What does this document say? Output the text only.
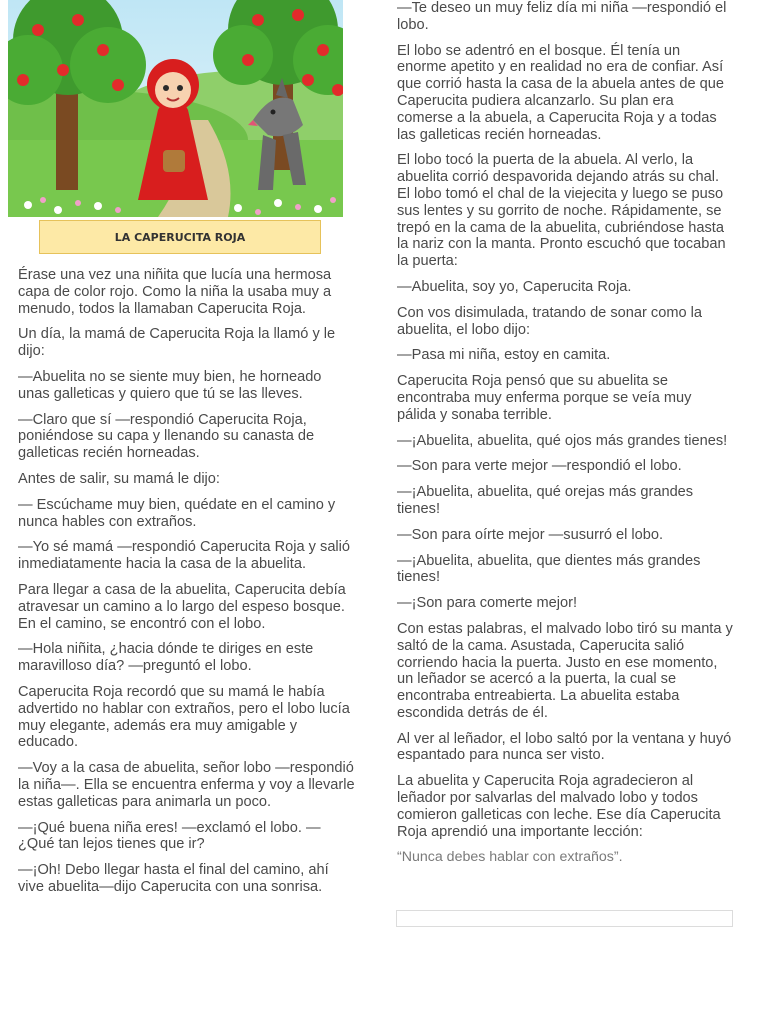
LA CAPERUCITA ROJA

Érase una vez una niñita que lucía una hermosa capa de color rojo. Como la niña la usaba muy a menudo, todos la llamaban Caperucita Roja.

Un día, la mamá de Caperucita Roja la llamó y le dijo:

—Abuelita no se siente muy bien, he horneado unas galleticas y quiero que tú se las lleves.

—Claro que sí —respondió Caperucita Roja, poniéndose su capa y llenando su canasta de galleticas recién horneadas.

Antes de salir, su mamá le dijo:

— Escúchame muy bien, quédate en el camino y nunca hables con extraños.

—Yo sé mamá —respondió Caperucita Roja y salió inmediatamente hacia la casa de la abuelita.

Para llegar a casa de la abuelita, Caperucita debía atravesar un camino a lo largo del espeso bosque. En el camino, se encontró con el lobo.

—Hola niñita, ¿hacia dónde te diriges en este maravilloso día? —preguntó el lobo.

Caperucita Roja recordó que su mamá le había advertido no hablar con extraños, pero el lobo lucía muy elegante, además era muy amigable y educado.

—Voy a la casa de abuelita, señor lobo —respondió la niña—. Ella se encuentra enferma y voy a llevarle estas galleticas para animarla un poco.

—¡Qué buena niña eres! —exclamó el lobo. —¿Qué tan lejos tienes que ir?

—¡Oh! Debo llegar hasta el final del camino, ahí vive abuelita—dijo Caperucita con una sonrisa.

—Te deseo un muy feliz día mi niña —respondió el lobo.

El lobo se adentró en el bosque. Él tenía un enorme apetito y en realidad no era de confiar. Así que corrió hasta la casa de la abuela antes de que Caperucita pudiera alcanzarlo. Su plan era comerse a la abuela, a Caperucita Roja y a todas las galleticas recién horneadas.

El lobo tocó la puerta de la abuela. Al verlo, la abuelita corrió despavorida dejando atrás su chal. El lobo tomó el chal de la viejecita y luego se puso sus lentes y su gorrito de noche. Rápidamente, se trepó en la cama de la abuelita, cubriéndose hasta la nariz con la manta. Pronto escuchó que tocaban la puerta:

—Abuelita, soy yo, Caperucita Roja.

Con vos disimulada, tratando de sonar como la abuelita, el lobo dijo:

—Pasa mi niña, estoy en camita.

Caperucita Roja pensó que su abuelita se encontraba muy enferma porque se veía muy pálida y sonaba terrible.

—¡Abuelita, abuelita, qué ojos más grandes tienes!

—Son para verte mejor —respondió el lobo.

—¡Abuelita, abuelita, qué orejas más grandes tienes!

—Son para oírte mejor —susurró el lobo.

—¡Abuelita, abuelita, que dientes más grandes tienes!

—¡Son para comerte mejor!

Con estas palabras, el malvado lobo tiró su manta y saltó de la cama. Asustada, Caperucita salió corriendo hacia la puerta. Justo en ese momento, un leñador se acercó a la puerta, la cual se encontraba entreabierta. La abuelita estaba escondida detrás de él.

Al ver al leñador, el lobo saltó por la ventana y huyó espantado para nunca ser visto.

La abuelita y Caperucita Roja agradecieron al leñador por salvarlas del malvado lobo y todos comieron galleticas con leche. Ese día Caperucita Roja aprendió una importante lección:

“Nunca debes hablar con extraños”.
